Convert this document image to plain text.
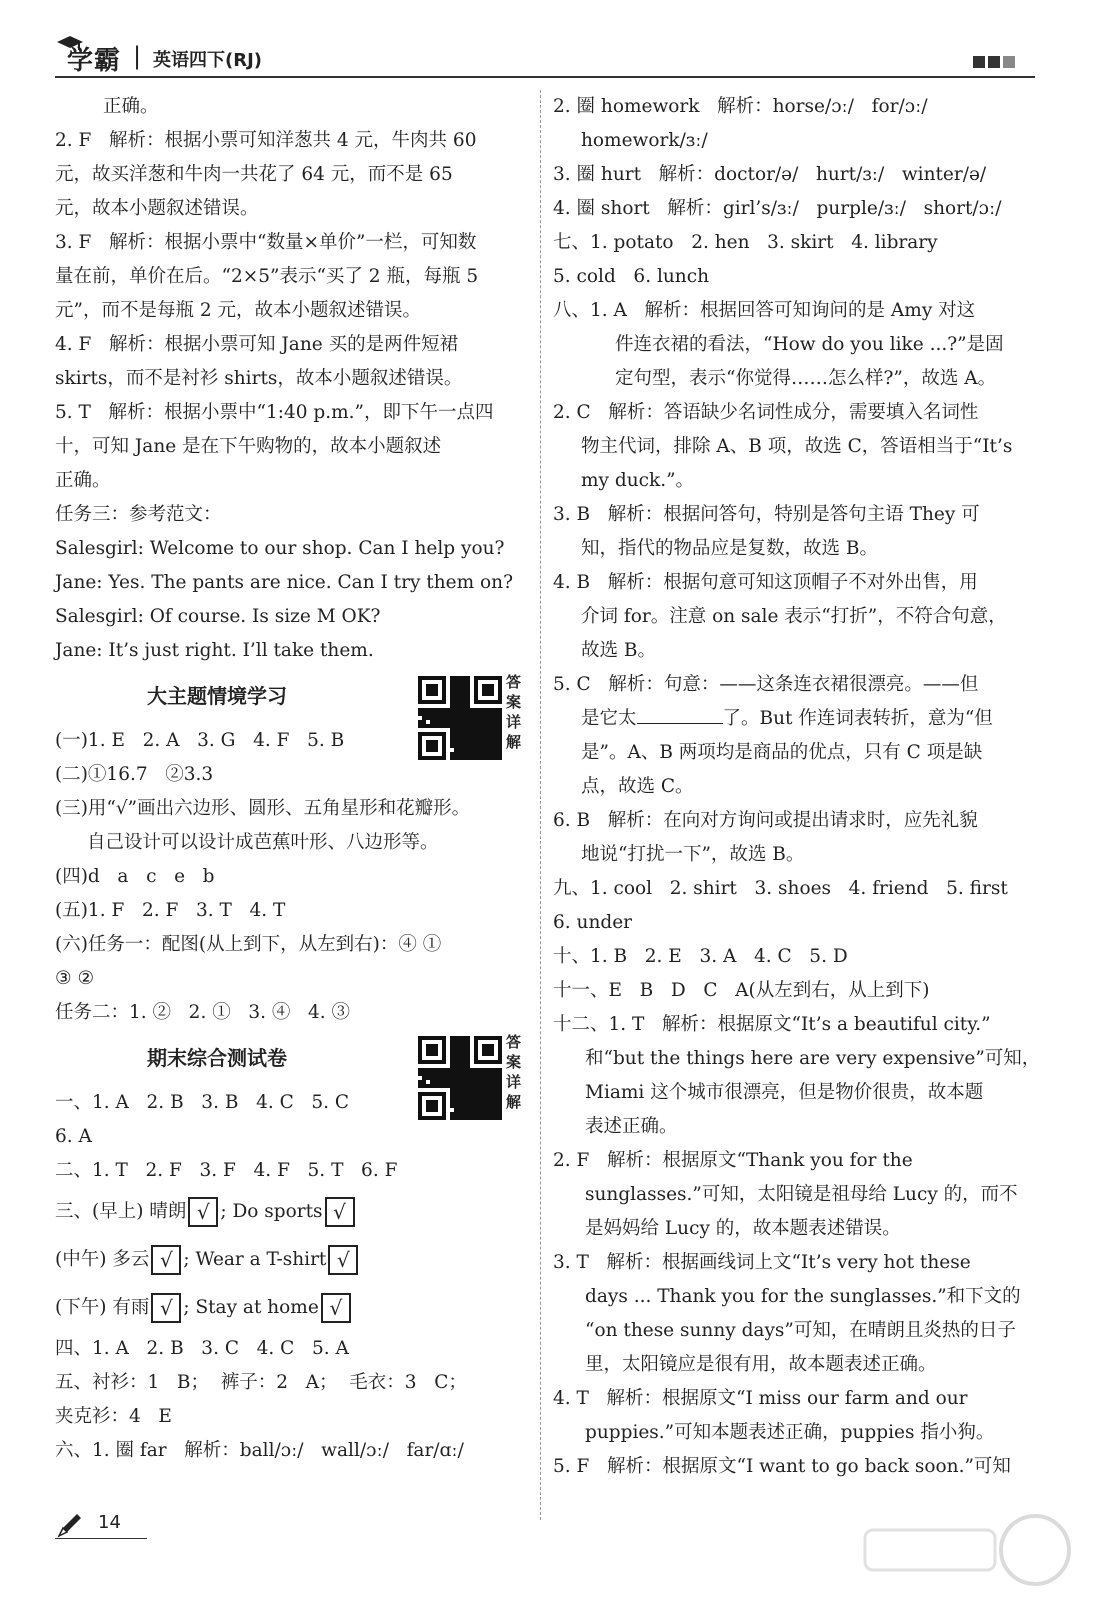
学霸 | 英语四下(RJ)
正确。
2. F   解析：根据小票可知洋葱共 4 元，牛肉共 60
元，故买洋葱和牛肉一共花了 64 元，而不是 65
元，故本小题叙述错误。
3. F   解析：根据小票中“数量×单价”一栏，可知数
量在前，单价在后。“2×5”表示“买了 2 瓶，每瓶 5
元”，而不是每瓶 2 元，故本小题叙述错误。
4. F   解析：根据小票可知 Jane 买的是两件短裙
skirts，而不是衬衫 shirts，故本小题叙述错误。
5. T   解析：根据小票中“1:40 p.m.”，即下午一点四
十，可知 Jane 是在下午购物的，故本小题叙述
正确。
任务三：参考范文：
Salesgirl: Welcome to our shop. Can I help you?
Jane: Yes. The pants are nice. Can I try them on?
Salesgirl: Of course. Is size M OK?
Jane: It’s just right. I’ll take them.
大主题情境学习
(一)1. E   2. A   3. G   4. F   5. B
(二)①16.7   ②3.3
(三)用“√”画出六边形、圆形、五角星形和花瓣形。
自己设计可以设计成芭蕉叶形、八边形等。
(四)d   a   c   e   b
(五)1. F   2. F   3. T   4. T
(六)任务一：配图(从上到下，从左到右)：④ ①
③ ②
任务二：1. ②   2. ①   3. ④   4. ③
期末综合测试卷
一、1. A   2. B   3. B   4. C   5. C
6. A
二、1. T   2. F   3. F   4. F   5. T   6. F
三、(早上) 晴朗 √ ; Do sports √
(中午) 多云 √ ; Wear a T-shirt √
(下午) 有雨 √ ; Stay at home √
四、1. A   2. B   3. C   4. C   5. A
五、衬衫：1   B；  裤子：2   A；  毛衣：3   C；
夹克衫：4   E
六、1. 圈 far   解析：ball/ɔː/   wall/ɔː/   far/ɑː/
答案详解
答案详解
2. 圈 homework   解析：horse/ɔː/   for/ɔː/
homework/ɜː/
3. 圈 hurt   解析：doctor/ə/   hurt/ɜː/   winter/ə/
4. 圈 short   解析：girl’s/ɜː/   purple/ɜː/   short/ɔː/
七、1. potato   2. hen   3. skirt   4. library
5. cold   6. lunch
八、1. A   解析：根据回答可知询问的是 Amy 对这
件连衣裙的看法，“How do you like ...?”是固
定句型，表示“你觉得……怎么样?”，故选 A。
2. C   解析：答语缺少名词性成分，需要填入名词性
物主代词，排除 A、B 项，故选 C，答语相当于“It’s
my duck.”。
3. B   解析：根据问答句，特别是答句主语 They 可
知，指代的物品应是复数，故选 B。
4. B   解析：根据句意可知这顶帽子不对外出售，用
介词 for。注意 on sale 表示“打折”，不符合句意，
故选 B。
5. C   解析：句意：——这条连衣裙很漂亮。——但
是它太	了。But 作连词表转折，意为“但
是”。A、B 两项均是商品的优点，只有 C 项是缺
点，故选 C。
6. B   解析：在向对方询问或提出请求时，应先礼貌
地说“打扰一下”，故选 B。
九、1. cool   2. shirt   3. shoes   4. friend   5. first
6. under
十、1. B   2. E   3. A   4. C   5. D
十一、E   B   D   C   A(从左到右，从上到下)
十二、1. T   解析：根据原文“It’s a beautiful city.”
和“but the things here are very expensive”可知，
Miami 这个城市很漂亮，但是物价很贵，故本题
表述正确。
2. F   解析：根据原文“Thank you for the
sunglasses.”可知，太阳镜是祖母给 Lucy 的，而不
是妈妈给 Lucy 的，故本题表述错误。
3. T   解析：根据画线词上文“It’s very hot these
days ... Thank you for the sunglasses.”和下文的
“on these sunny days”可知，在晴朗且炎热的日子
里，太阳镜应是很有用，故本题表述正确。
4. T   解析：根据原文“I miss our farm and our
puppies.”可知本题表述正确，puppies 指小狗。
5. F   解析：根据原文“I want to go back soon.”可知
14
